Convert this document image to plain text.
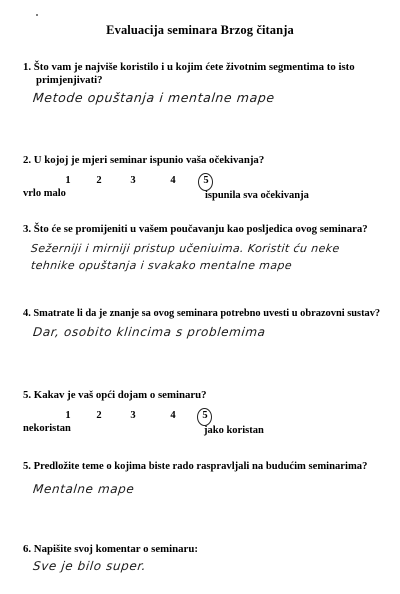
Evaluacija seminara Brzog čitanja
1. Što vam je najviše koristilo i u kojim ćete životnim segmentima to isto
primjenjivati?
Metode opuštanja i mentalne mape
2. U kojoj je mjeri seminar ispunio vaša očekivanja?
1	2	3	4	5
vrlo malo	ispunila sva očekivanja
3. Što će se promijeniti u vašem poučavanju kao posljedica ovog seminara?
Sežerniji i mirniji pristup učeniuima. Koristit ću neke
tehnike opuštanja i svakako mentalne mape
4. Smatrate li da je znanje sa ovog seminara potrebno uvesti u obrazovni sustav?
Dar, osobito klincima s problemima
5. Kakav je vaš opći dojam o seminaru?
1	2	3	4	5
nekoristan	jako koristan
5. Predložite teme o kojima biste rado raspravljali na budućim seminarima?
Mentalne mape
6. Napišite svoj komentar o seminaru:
Sve je bilo super.
